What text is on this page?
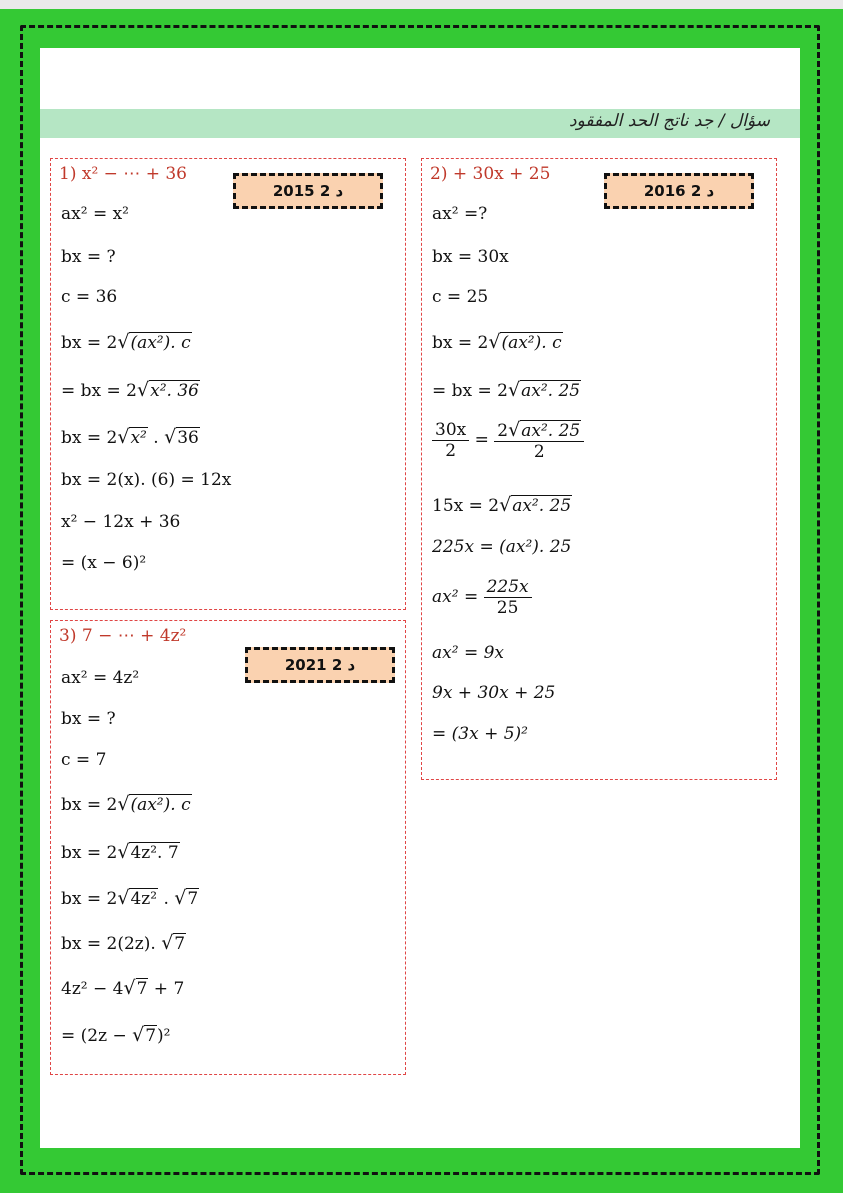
سؤال / جد ناتج الحد المفقود
1) x² − ⋯ + 36
2015 د 2
ax² = x²
bx = ?
c = 36
bx = 2√(ax²). c
= bx = 2√x². 36
bx = 2√x² . √36
bx = 2(x). (6) = 12x
x² − 12x + 36
= (x − 6)²
2) + 30x + 25
2016 د 2
ax² =?
bx = 30x
c = 25
bx = 2√(ax²). c
= bx = 2√ax². 25
$\frac{30x}{2} = \frac{\text{2√ax². 25}}{2}$
15x = 2√ax². 25
225x = (ax²). 25
$ax^2 = \frac{225x}{25}$
ax² = 9x
9x + 30x + 25
= (3x + 5)²
3) 7 − ⋯ + 4z²
2021 د 2
ax² = 4z²
bx = ?
c = 7
bx = 2√(ax²). c
bx = 2√4z². 7
bx = 2√4z² . √7
bx = 2(2z). √7
4z² − 4√7 + 7
= (2z − √7)²
